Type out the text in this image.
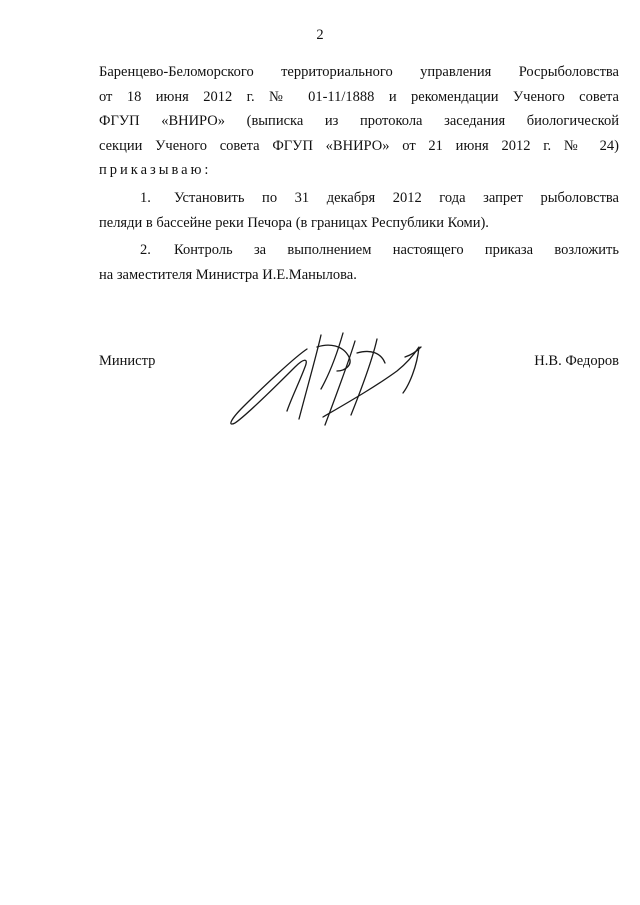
2
Баренцево-Беломорского территориального управления Росрыболовства
от 18 июня 2012 г. № 01-11/1888 и рекомендации Ученого совета
ФГУП «ВНИРО» (выписка из протокола заседания биологической
секции Ученого совета ФГУП «ВНИРО» от 21 июня 2012 г. № 24)
приказываю:
1. Установить по 31 декабря 2012 года запрет рыболовства
пеляди в бассейне реки Печора (в границах Республики Коми).
2. Контроль за выполнением настоящего приказа возложить
на заместителя Министра И.Е.Манылова.
Министр	Н.В. Федоров
